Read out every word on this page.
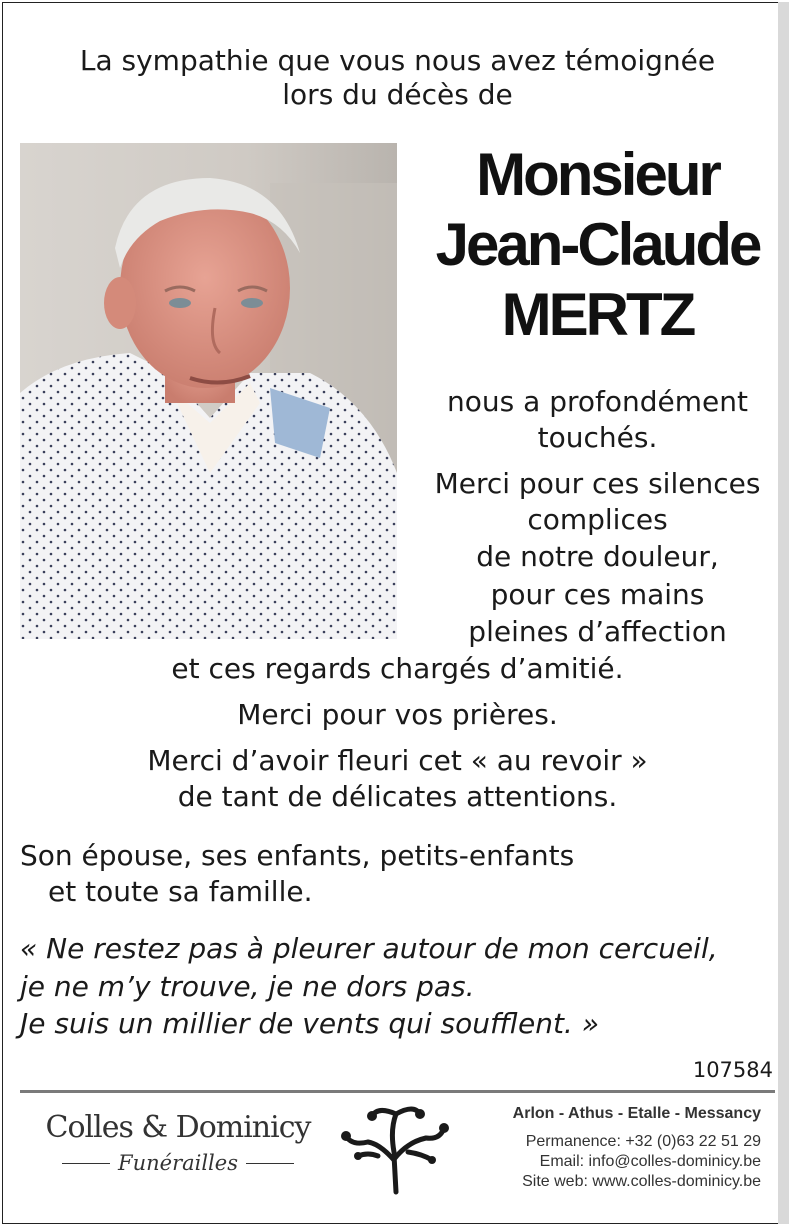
La sympathie que vous nous avez témoignée
lors du décès de
Monsieur
Jean-Claude
MERTZ
nous a profondément
touchés.
Merci pour ces silences
complices
de notre douleur,
pour ces mains
pleines d’affection
et ces regards chargés d’amitié.
Merci pour vos prières.
Merci d’avoir fleuri cet « au revoir »
de tant de délicates attentions.
Son épouse, ses enfants, petits-enfants
et toute sa famille.
« Ne restez pas à pleurer autour de mon cercueil,
je ne m’y trouve, je ne dors pas.
Je suis un millier de vents qui soufflent. »
107584
Colles & Dominicy
Funérailles
Arlon - Athus - Etalle - Messancy
Permanence: +32 (0)63 22 51 29
Email: info@colles-dominicy.be
Site web: www.colles-dominicy.be
